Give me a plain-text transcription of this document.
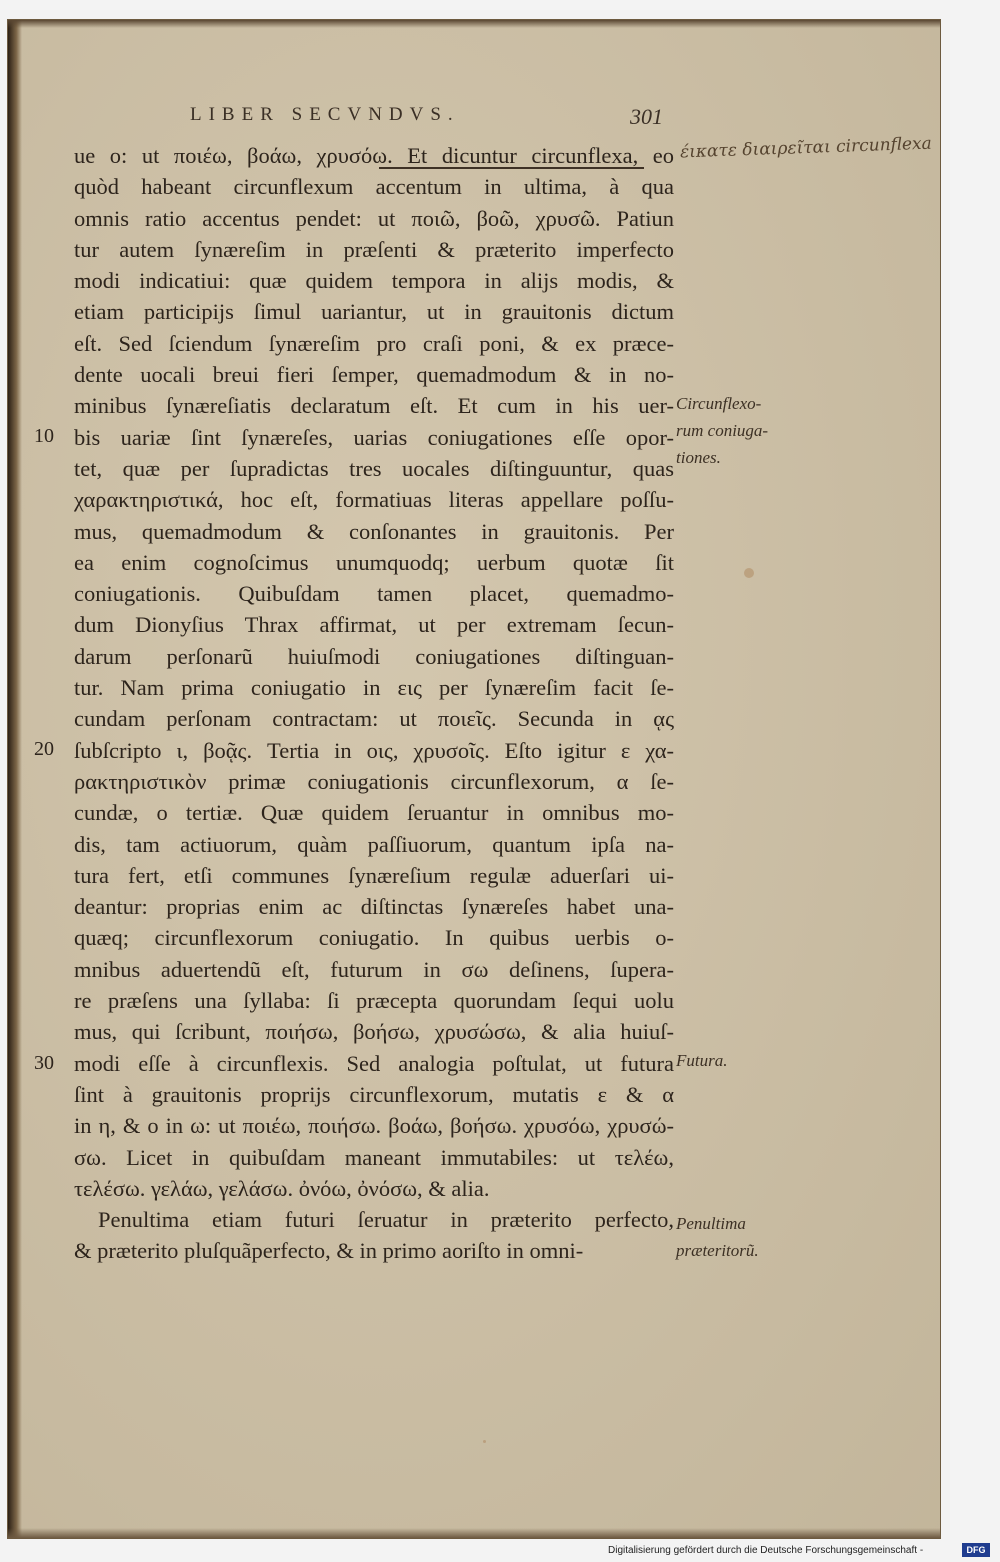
LIBER SECVNDVS.	301
ɛ́ικατε διαιρεῖται circunflexa
ue o: ut ποιέω, βοάω, χρυσόω. Et dicuntur circunflexa, eo
quòd habeant circunflexum accentum in ultima, à qua
omnis ratio accentus pendet: ut ποιῶ, βοῶ, χρυσῶ. Patiun
tur autem ſynæreſim in præſenti & præterito imperfecto
modi indicatiui: quæ quidem tempora in alijs modis, &
etiam participijs ſimul uariantur, ut in grauitonis dictum
eſt. Sed ſciendum ſynæreſim pro craſi poni, & ex præce-
dente uocali breui fieri ſemper, quemadmodum & in no-
minibus ſynæreſiatis declaratum eſt. Et cum in his uer-
bis uariæ ſint ſynæreſes, uarias coniugationes eſſe opor-
tet, quæ per ſupradictas tres uocales diſtinguuntur, quas
χαρακτηριστικά, hoc eſt, formatiuas literas appellare poſſu-
mus, quemadmodum & conſonantes in grauitonis. Per
ea enim cognoſcimus unumquodq; uerbum quotæ ſit
coniugationis. Quibuſdam tamen placet, quemadmo-
dum Dionyſius Thrax affirmat, ut per extremam ſecun-
darum perſonarũ huiuſmodi coniugationes diſtinguan-
tur. Nam prima coniugatio in εις per ſynæreſim facit ſe-
cundam perſonam contractam: ut ποιεῖς. Secunda in ᾳς
ſubſcripto ι, βοᾷς. Tertia in οις, χρυσοῖς. Eſto igitur ε χα-
ρακτηριστικὸν primæ coniugationis circunflexorum, α ſe-
cundæ, ο tertiæ. Quæ quidem ſeruantur in omnibus mo-
dis, tam actiuorum, quàm paſſiuorum, quantum ipſa na-
tura fert, etſi communes ſynæreſium regulæ aduerſari ui-
deantur: proprias enim ac diſtinctas ſynæreſes habet una-
quæq; circunflexorum coniugatio. In quibus uerbis o-
mnibus aduertendũ eſt, futurum in σω deſinens, ſupera-
re præſens una ſyllaba: ſi præcepta quorundam ſequi uolu
mus, qui ſcribunt, ποιήσω, βοήσω, χρυσώσω, & alia huiuſ-
modi eſſe à circunflexis. Sed analogia poſtulat, ut futura
ſint à grauitonis proprijs circunflexorum, mutatis ε & α
in η, & ο in ω: ut ποιέω, ποιήσω. βοάω, βοήσω. χρυσόω, χρυσώ-
σω. Licet in quibuſdam maneant immutabiles: ut τελέω,
τελέσω. γελάω, γελάσω. ὀνόω, ὀνόσω, & alia.
Penultima etiam futuri ſeruatur in præterito perfecto,
& præterito pluſquãperfecto, & in primo aoriſto in omni-
10
20
30
Circunflexo-
rum coniuga-
tiones.
Futura.
Penultima
præteritorũ.
Digitalisierung gefördert durch die Deutsche Forschungsgemeinschaft -	DFG
